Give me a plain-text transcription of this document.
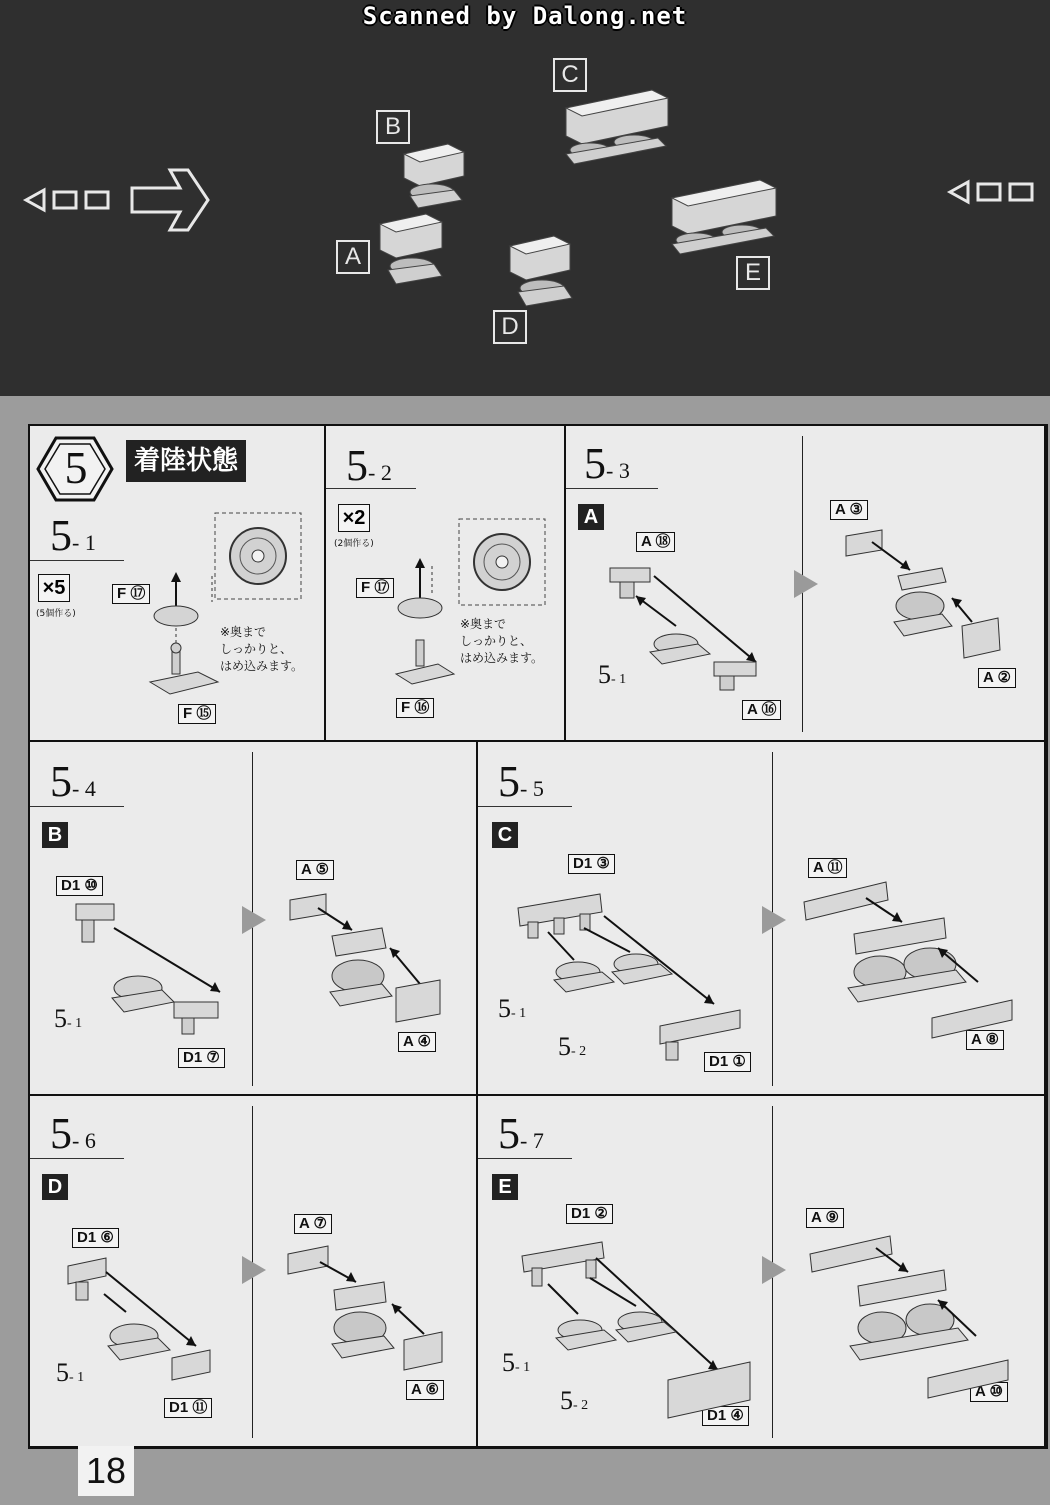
Scanned by Dalong.net
B
C
A
E
D
5	着陸状態
5- 1
×5
(5個作る)
F ⑰
F ⑮
※奥まで
しっかりと、
はめ込みます。
5- 2
×2
(2個作る)
F ⑰
F ⑯
※奥まで
しっかりと、
はめ込みます。
5- 3
A
A ⑱
A ⑯
A ③
A ②
5- 1
5- 4
B
D1 ⑩
D1 ⑦
A ⑤
A ④
5- 1
5- 5
C
D1 ③
D1 ①
A ⑪
A ⑧
5- 1
5- 2
5- 6
D
D1 ⑥
D1 ⑪
A ⑦
A ⑥
5- 1
5- 7
E
D1 ②
D1 ④
A ⑨
A ⑩
5- 1
5- 2
18
